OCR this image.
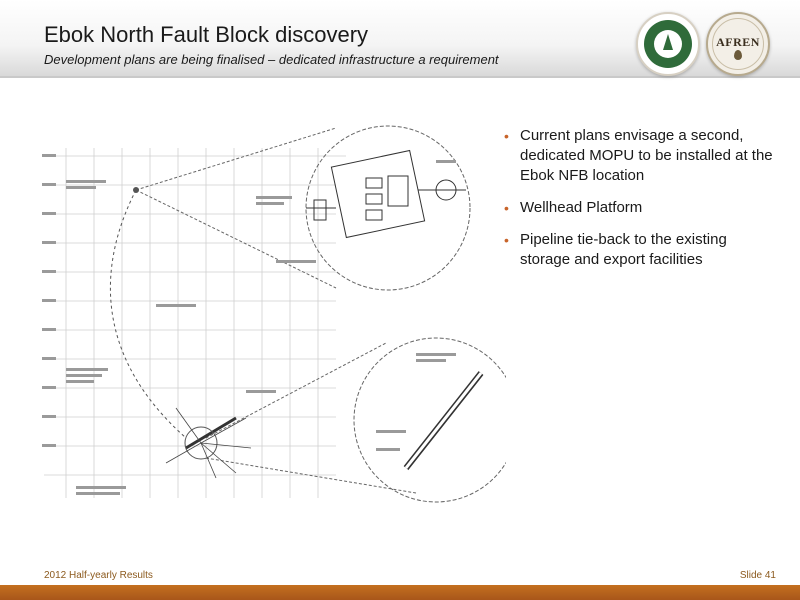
Ebok North Fault Block discovery
Development plans are being finalised – dedicated infrastructure a requirement
AFREN
• Current plans envisage a second, dedicated MOPU to be installed at the Ebok NFB location
• Wellhead Platform
• Pipeline tie-back to the existing storage and export facilities
2012 Half-yearly Results	Slide 41
